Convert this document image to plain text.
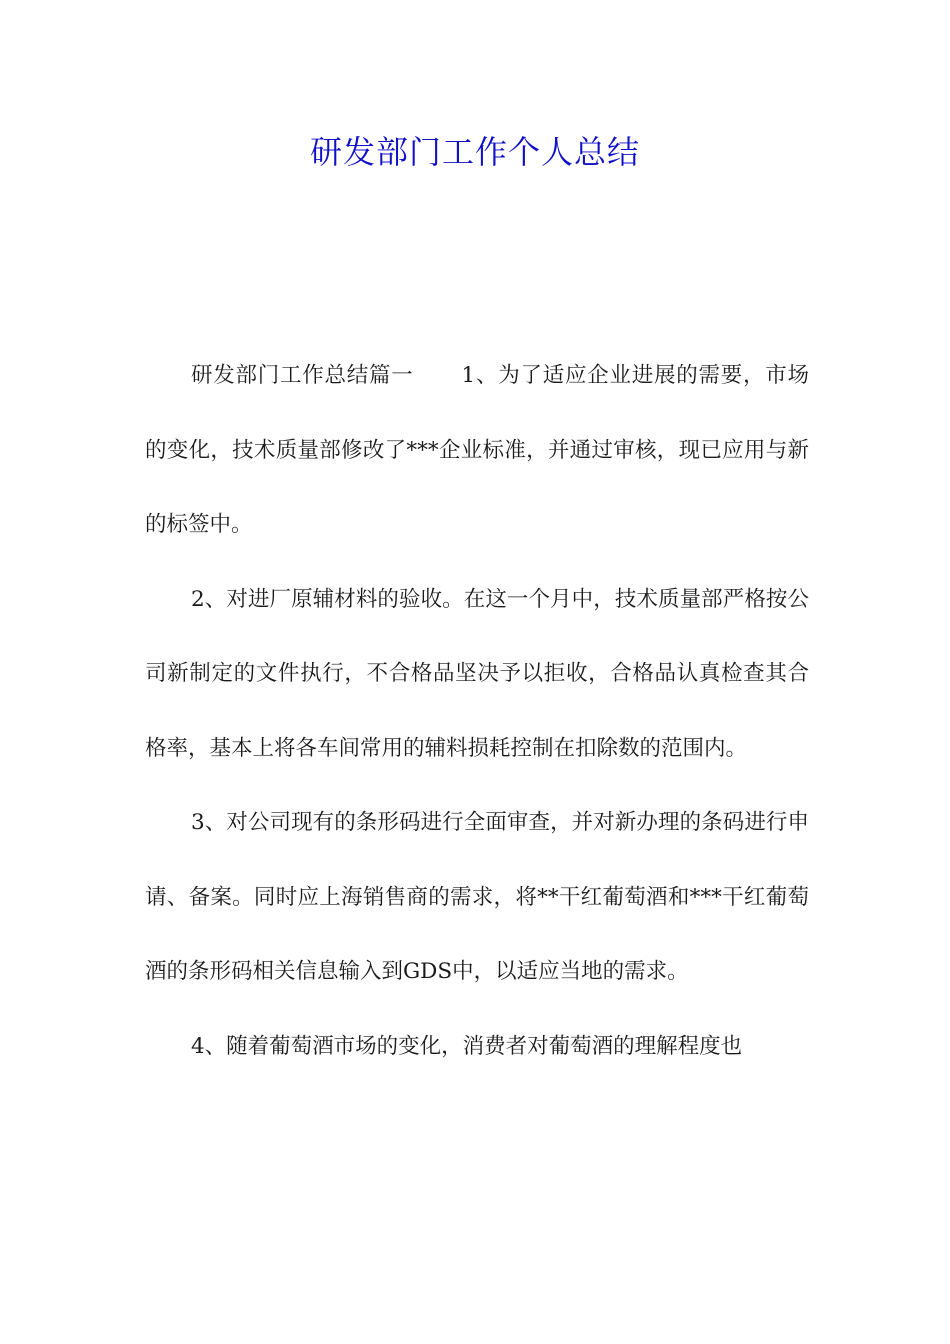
研发部门工作个人总结

研发部门工作总结篇一 1、为了适应企业进展的需要，市场的变化，技术质量部修改了***企业标准，并通过审核，现已应用与新的标签中。

2、对进厂原辅材料的验收。在这一个月中，技术质量部严格按公司新制定的文件执行，不合格品坚决予以拒收，合格品认真检查其合格率，基本上将各车间常用的辅料损耗控制在扣除数的范围内。

3、对公司现有的条形码进行全面审查，并对新办理的条码进行申请、备案。同时应上海销售商的需求，将**干红葡萄酒和***干红葡萄酒的条形码相关信息输入到GDS中，以适应当地的需求。

4、随着葡萄酒市场的变化，消费者对葡萄酒的理解程度也
